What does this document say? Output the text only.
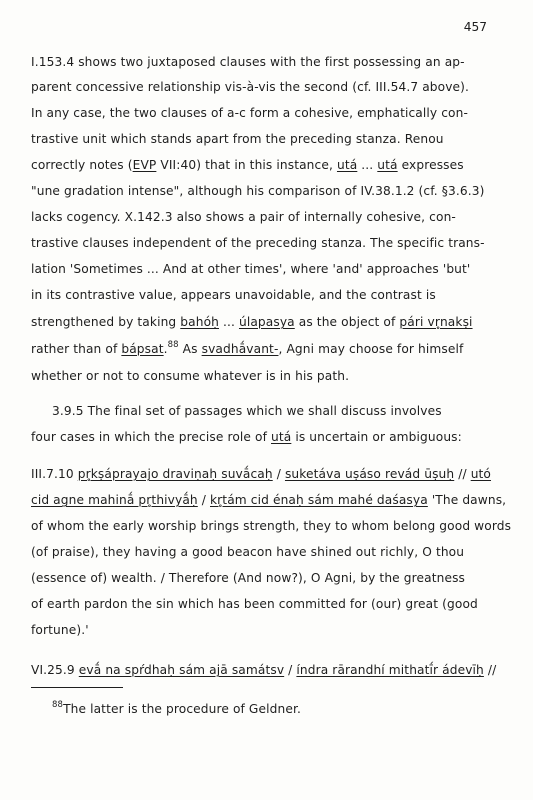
457
I.153.4 shows two juxtaposed clauses with the first possessing an ap-
parent concessive relationship vis-à-vis the second (cf. III.54.7 above).
In any case, the two clauses of a-c form a cohesive, emphatically con-
trastive unit which stands apart from the preceding stanza. Renou
correctly notes (EVP VII:40) that in this instance, utá ... utá expresses
"une gradation intense", although his comparison of IV.38.1.2 (cf. §3.6.3)
lacks cogency. X.142.3 also shows a pair of internally cohesive, con-
trastive clauses independent of the preceding stanza. The specific trans-
lation 'Sometimes ... And at other times', where 'and' approaches 'but'
in its contrastive value, appears unavoidable, and the contrast is
strengthened by taking bahóḥ ... úlapasya as the object of pári vr̥nakṣi
rather than of bápsat.$^{88}$ As svadhā́vant-, Agni may choose for himself
whether or not to consume whatever is in his path.
3.9.5 The final set of passages which we shall discuss involves
four cases in which the precise role of utá is uncertain or ambiguous:
III.7.10 pr̥kṣáprayajo draviṇaḥ suvā́caḥ / suketáva uṣáso revád ūṣuḥ // utó
cid agne mahinā́ pr̥thivyā́ḥ / kr̥tám cid énaḥ sám mahé daśasya 'The dawns,
of whom the early worship brings strength, they to whom belong good words
(of praise), they having a good beacon have shined out richly, O thou
(essence of) wealth. / Therefore (And now?), O Agni, by the greatness
of earth pardon the sin which has been committed for (our) great (good
fortune).'
VI.25.9 evā́ na spŕdhaḥ sám ajā samátsv / índra rārandhí mithatī́r ádevīḥ //
$^{88}$The latter is the procedure of Geldner.
